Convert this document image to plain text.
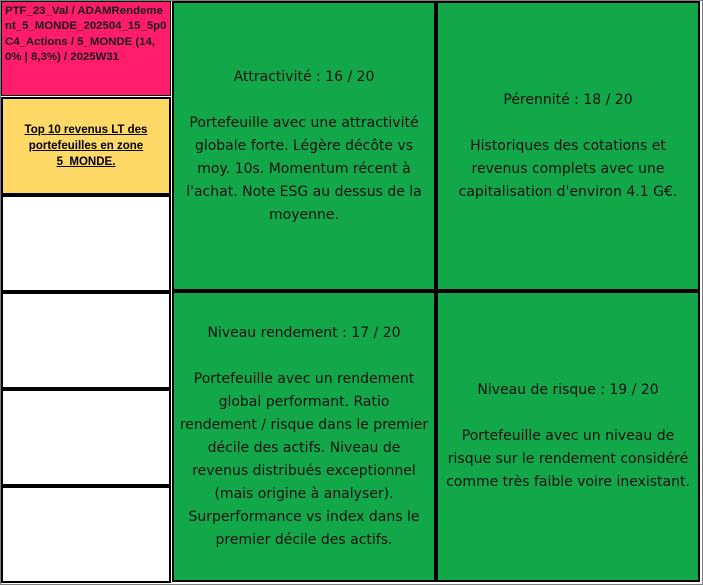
PTF_23_Val / ADAMRendement_5_MONDE_202504_15_5p0 C4_Actions / 5_MONDE (14,0% | 8,3%) / 2025W31
Top 10 revenus LT des portefeuilles en zone 5_MONDE.
Attractivité : 16 / 20
Portefeuille avec une attractivité globale forte. Légère décôte vs moy. 10s. Momentum récent à l'achat. Note ESG au dessus de la moyenne.
Pérennité : 18 / 20
Historiques des cotations et revenus complets avec une capitalisation d'environ 4.1 G€.
Niveau rendement : 17 / 20
Portefeuille avec un rendement global performant. Ratio rendement / risque dans le premier décile des actifs. Niveau de revenus distribués exceptionnel (mais origine à analyser). Surperformance vs index dans le premier décile des actifs.
Niveau de risque : 19 / 20
Portefeuille avec un niveau de risque sur le rendement considéré comme très faible voire inexistant.
